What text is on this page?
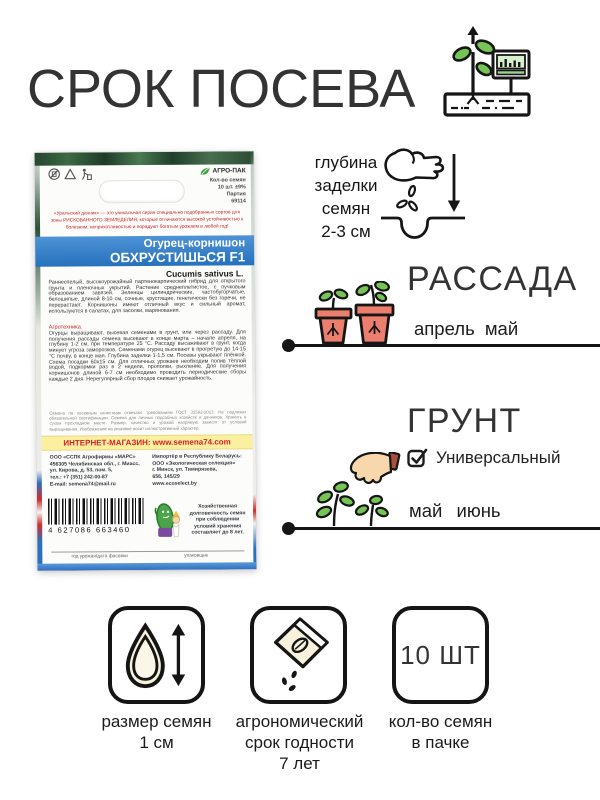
СРОК ПОСЕВА
АГРО-ПАК
Кол-во семян
10 шт. ±9%
Партия
69114
«Уральский дачник» — это уникальная серия специально подобранных сортов для зоны РИСКОВАННОГО ЗЕМЛЕДЕЛИЯ, которые отличаются высокой устойчивостью к болезням, неприхотливостью и порадуют богатым урожаем в любой год!
Огурец-корнишон
ОБХРУСТИШЬСЯ F1
Cucumis sativus L.
Раннеспелый, высокоурожайный партенокарпический гибрид для открытого грунта и пленочных укрытий. Растение среднеплетистое, с пучковым образованием завязей. Зеленцы цилиндрические, частобугорчатые, белошипые, длиной 8-10 см, сочные, хрустящие, генетически без горечи, не перерастают. Корнишоны имеют отличный вкус и сильный аромат, используются в салатах, для засолки, маринования.
Агротехника.
Огурцы выращивают, высевая семенами в грунт, или через рассаду. Для получения рассады семена высевают в конце марта – начале апреля, на глубину 1-2 см, при температуре 25 °С. Рассаду высаживают в грунт, когда минует угроза заморозков. Семенами огурец высевают в прогретую до 14-15 °С почву, в конце мая. Глубина заделки 1-1,5 см. Посевы укрывают плёнкой. Схема посадки 60х15 см. Для отличных урожаев необходим полив тёплой водой, подкормки раз в 2 недели, прополки, рыхление. Для получения корнишонов длиной 6-7 см необходимо проводить периодические сборы каждые 2 дня. Нерегулярный сбор плодов снижает урожайность.
Семена по посевным качествам отвечают требованиям ГОСТ 32592-2013. Не подлежат обязательной сертификации. Семена для личных подсобных хозяйств и дачников. Хранить в сухом прохладном месте. Размер, качество и урожай напрямую зависят от условий выращивания. Изображение на упаковке носит иллюстративный характер.
ИНТЕРНЕТ-МАГАЗИН: www.semena74.com
ООО «ССПК Агрофирмы «МАРС»
456305 Челябинская обл., г. Миасс,
ул. Кирова, д. 53, пом. 5,
тел.: +7 (351) 242-00-87
E-mail: semena74@mail.ru
Импортёр в Республику Беларусь:
ООО «Экологическая селекция»
г. Минск, ул. Тимирязева,
656, 145/29
www.ecoselect.by
4 627086 663460
Хозяйственная
долговечность семян
при соблюдении
условий хранения
составляет до 8 лет.
год урожая/дата фасовки	упаковщик
глубина
заделки
семян
2-3 см
РАССАДА
апрель май
ГРУНТ
Универсальный
май июнь
10 ШТ
размер семян
1 см
агрономический
срок годности
7 лет
кол-во семян
в пачке
